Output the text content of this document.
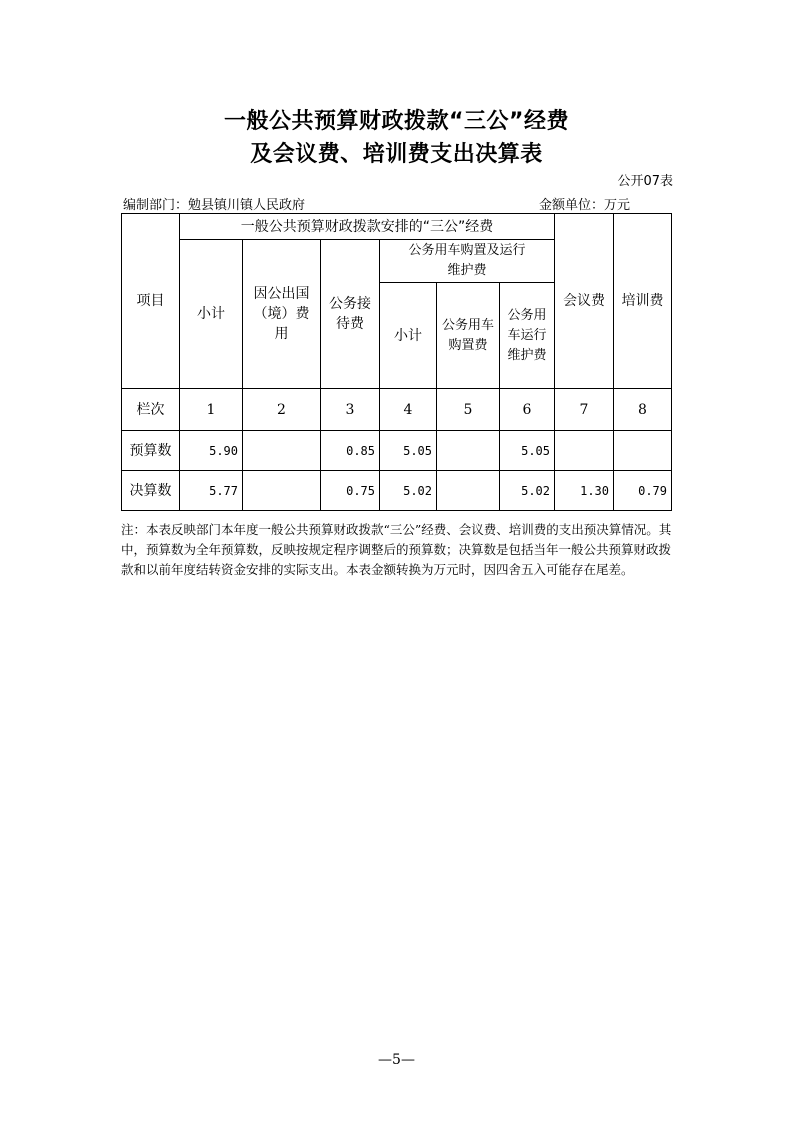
一般公共预算财政拨款“三公”经费
及会议费、培训费支出决算表
公开07表
编制部门：勉县镇川镇人民政府	金额单位：万元
项目	一般公共预算财政拨款安排的“三公”经费						会议费	培训费
	小计	因公出国（境）费用	公务接待费	公务用车购置及运行维护费				

				小计	公务用车购置费	公务用车运行维护费		

栏次	1	2	3	4	5	6	7	8
预算数	5.90		0.85	5.05		5.05		
决算数	5.77		0.75	5.02		5.02	1.30	0.79
注：本表反映部门本年度一般公共预算财政拨款“三公”经费、会议费、培训费的支出预决算情况。其中，预算数为全年预算数，反映按规定程序调整后的预算数；决算数是包括当年一般公共预算财政拨款和以前年度结转资金安排的实际支出。本表金额转换为万元时，因四舍五入可能存在尾差。
—5—
